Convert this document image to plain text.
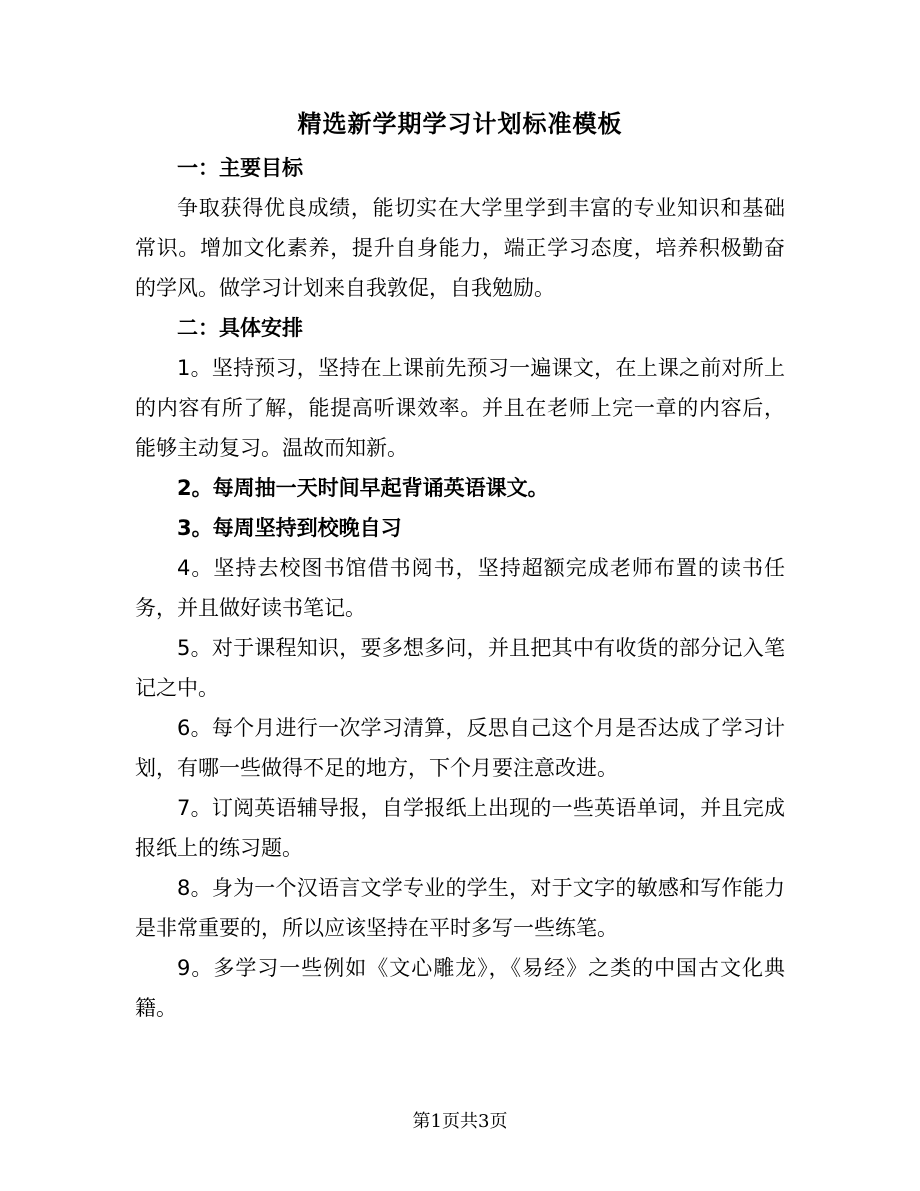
精选新学期学习计划标准模板

一：主要目标

争取获得优良成绩，能切实在大学里学到丰富的专业知识和基础常识。增加文化素养，提升自身能力，端正学习态度，培养积极勤奋的学风。做学习计划来自我敦促，自我勉励。

二：具体安排

1。坚持预习，坚持在上课前先预习一遍课文，在上课之前对所上的内容有所了解，能提高听课效率。并且在老师上完一章的内容后，能够主动复习。温故而知新。

2。每周抽一天时间早起背诵英语课文。

3。每周坚持到校晚自习

4。坚持去校图书馆借书阅书，坚持超额完成老师布置的读书任务，并且做好读书笔记。

5。对于课程知识，要多想多问，并且把其中有收货的部分记入笔记之中。

6。每个月进行一次学习清算，反思自己这个月是否达成了学习计划，有哪一些做得不足的地方，下个月要注意改进。

7。订阅英语辅导报，自学报纸上出现的一些英语单词，并且完成报纸上的练习题。

8。身为一个汉语言文学专业的学生，对于文字的敏感和写作能力是非常重要的，所以应该坚持在平时多写一些练笔。

9。多学习一些例如《文心雕龙》，《易经》之类的中国古文化典籍。

第1页共3页
